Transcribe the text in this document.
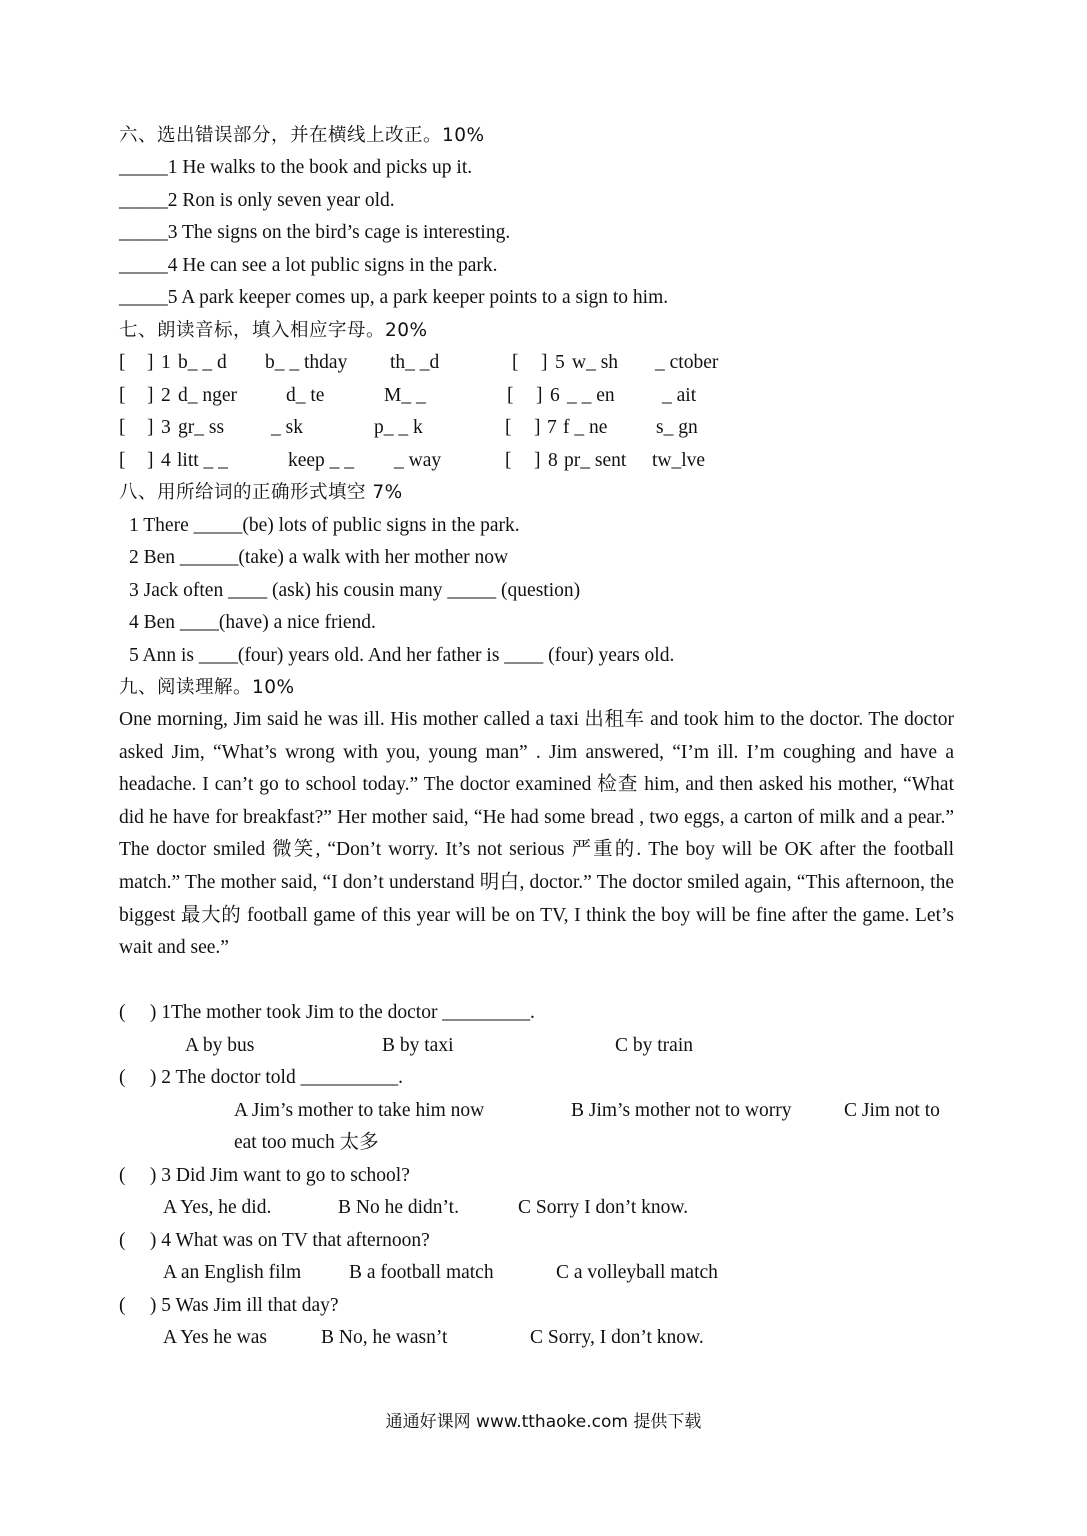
六、选出错误部分，并在横线上改正。10%
_____1 He walks to the book and picks up it.
_____2 Ron is only seven year old.
_____3 The signs on the bird’s cage is interesting.
_____4 He can see a lot public signs in the park.
_____5 A park keeper comes up, a park keeper points to a sign to him.
七、朗读音标，填入相应字母。20%
[ ] 1 b_ _ d b_ _ thday th_ _d	[ ] 5 w_ sh _ ctober
[ ] 2 d_ nger	d_ te	M_ _	[ ] 6 _ _ en _ ait
[ ] 3 gr_ ss _ sk	p_ _ k	[ ] 7 f _ ne s_ gn
[ ] 4 litt _ _	keep _ _ _ way	[ ] 8 pr_ sent tw_lve
八、用所给词的正确形式填空 7%
1 There _____(be) lots of public signs in the park.
2 Ben ______(take) a walk with her mother now
3 Jack often ____ (ask) his cousin many _____ (question)
4 Ben ____(have) a nice friend.
5 Ann is ____(four) years old. And her father is ____ (four) years old.
九、阅读理解。10%
One morning, Jim said he was ill. His mother called a taxi 出租车 and took him to the doctor. The doctor asked Jim, “What’s wrong with you, young man” . Jim answered, “I’m ill. I’m coughing and have a headache. I can’t go to school today.” The doctor examined 检查 him, and then asked his mother, “What did he have for breakfast?” Her mother said, “He had some bread , two eggs, a carton of milk and a pear.” The doctor smiled 微笑, “Don’t worry. It’s not serious 严重的. The boy will be OK after the football match.” The mother said, “I don’t understand 明白, doctor.” The doctor smiled again, “This afternoon, the biggest 最大的 football game of this year will be on TV, I think the boy will be fine after the game. Let’s wait and see.”
(     ) 1The mother took Jim to the doctor _________.
A by bus	B by taxi	C by train
(     ) 2 The doctor told __________.
A Jim’s mother to take him now	B Jim’s mother not to worry	C Jim not to
eat too much 太多
(     ) 3 Did Jim want to go to school?
A Yes, he did.	B No he didn’t.	C Sorry I don’t know.
(     ) 4 What was on TV that afternoon?
A an English film B a football match	C a volleyball match
(     ) 5 Was Jim ill that day?
A Yes he was	B No, he wasn’t	C Sorry, I don’t know.
通通好课网 www.tthaoke.com 提供下载
